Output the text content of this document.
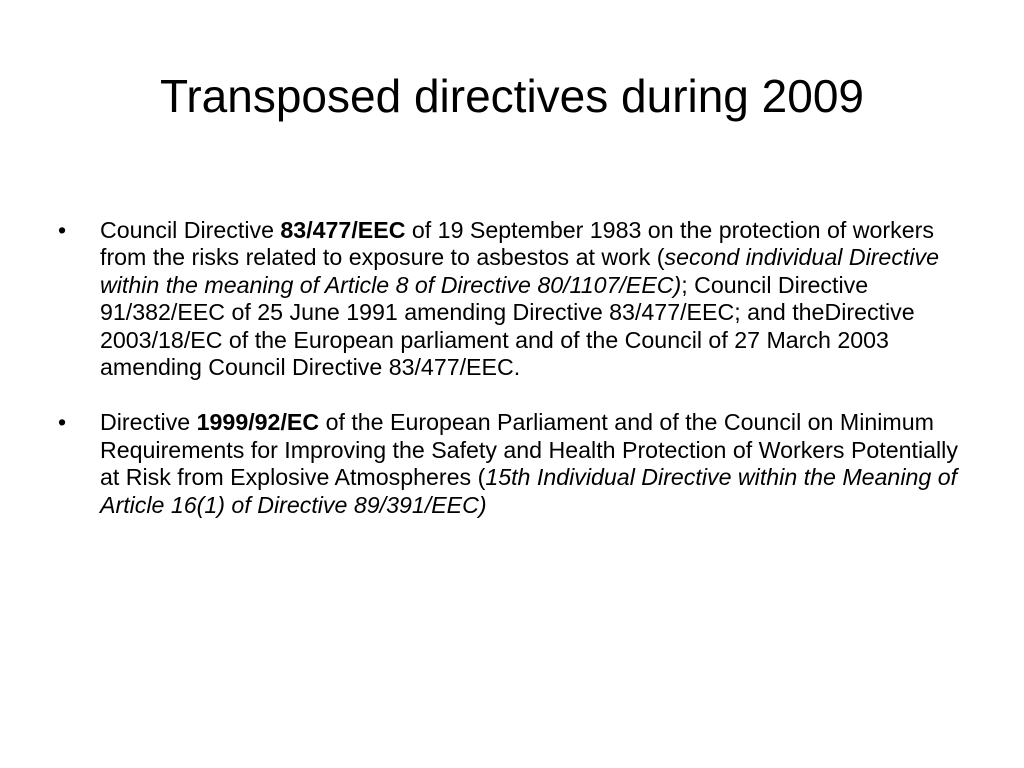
Transposed directives during 2009
•	Council Directive 83/477/EEC of 19 September 1983 on the protection of workers from the risks related to exposure to asbestos at work (second individual Directive within the meaning of Article 8 of Directive 80/1107/EEC); Council Directive 91/382/EEC of 25 June 1991 amending Directive 83/477/EEC; and theDirective 2003/18/EC of the European parliament and of the Council of 27 March 2003 amending Council Directive 83/477/EEC.
•	Directive 1999/92/EC of the European Parliament and of the Council on Minimum Requirements for Improving the Safety and Health Protection of Workers Potentially at Risk from Explosive Atmospheres (15th Individual Directive within the Meaning of Article 16(1) of Directive 89/391/EEC)
